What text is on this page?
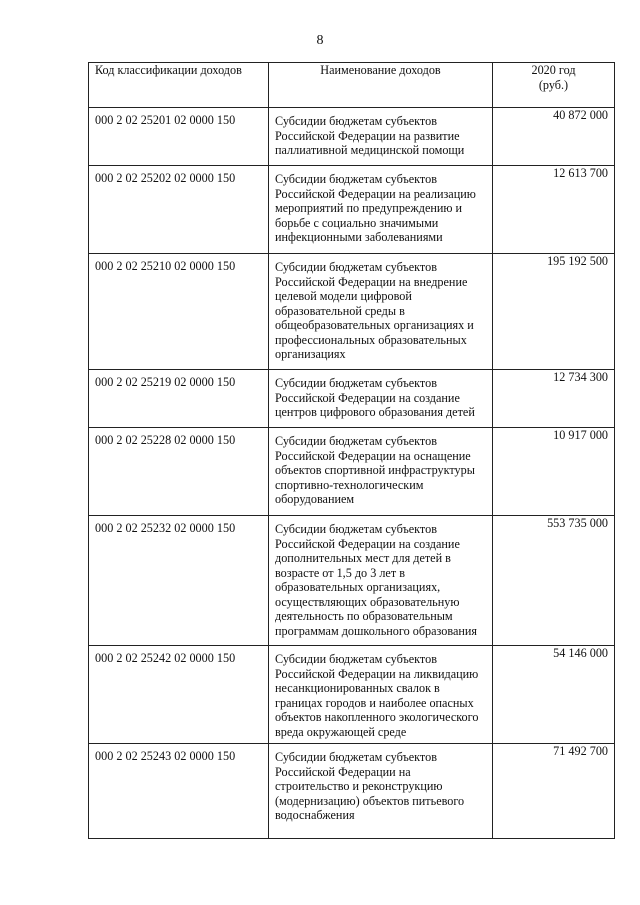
8
Код классификации доходов	Наименование доходов	2020 год
(руб.)

000 2 02 25201 02 0000 150	Субсидии бюджетам субъектов Российской Федерации на развитие паллиативной медицинской помощи	40 872 000

000 2 02 25202 02 0000 150	Субсидии бюджетам субъектов Российской Федерации на реализацию мероприятий по предупреждению и борьбе с социально значимыми инфекционными заболеваниями	12 613 700

000 2 02 25210 02 0000 150	Субсидии бюджетам субъектов Российской Федерации на внедрение целевой модели цифровой образовательной среды в общеобразовательных организациях и профессиональных образовательных организациях	195 192 500

000 2 02 25219 02 0000 150	Субсидии бюджетам субъектов Российской Федерации на создание центров цифрового образования детей	12 734 300

000 2 02 25228 02 0000 150	Субсидии бюджетам субъектов Российской Федерации на оснащение объектов спортивной инфраструктуры спортивно-технологическим оборудованием	10 917 000

000 2 02 25232 02 0000 150	Субсидии бюджетам субъектов Российской Федерации на создание дополнительных мест для детей в возрасте от 1,5 до 3 лет в образовательных организациях, осуществляющих образовательную деятельность по образовательным программам дошкольного образования	553 735 000

000 2 02 25242 02 0000 150	Субсидии бюджетам субъектов Российской Федерации на ликвидацию несанкционированных свалок в границах городов и наиболее опасных объектов накопленного экологического вреда окружающей среде	54 146 000

000 2 02 25243 02 0000 150	Субсидии бюджетам субъектов Российской Федерации на строительство и реконструкцию (модернизацию) объектов питьевого водоснабжения	71 492 700
